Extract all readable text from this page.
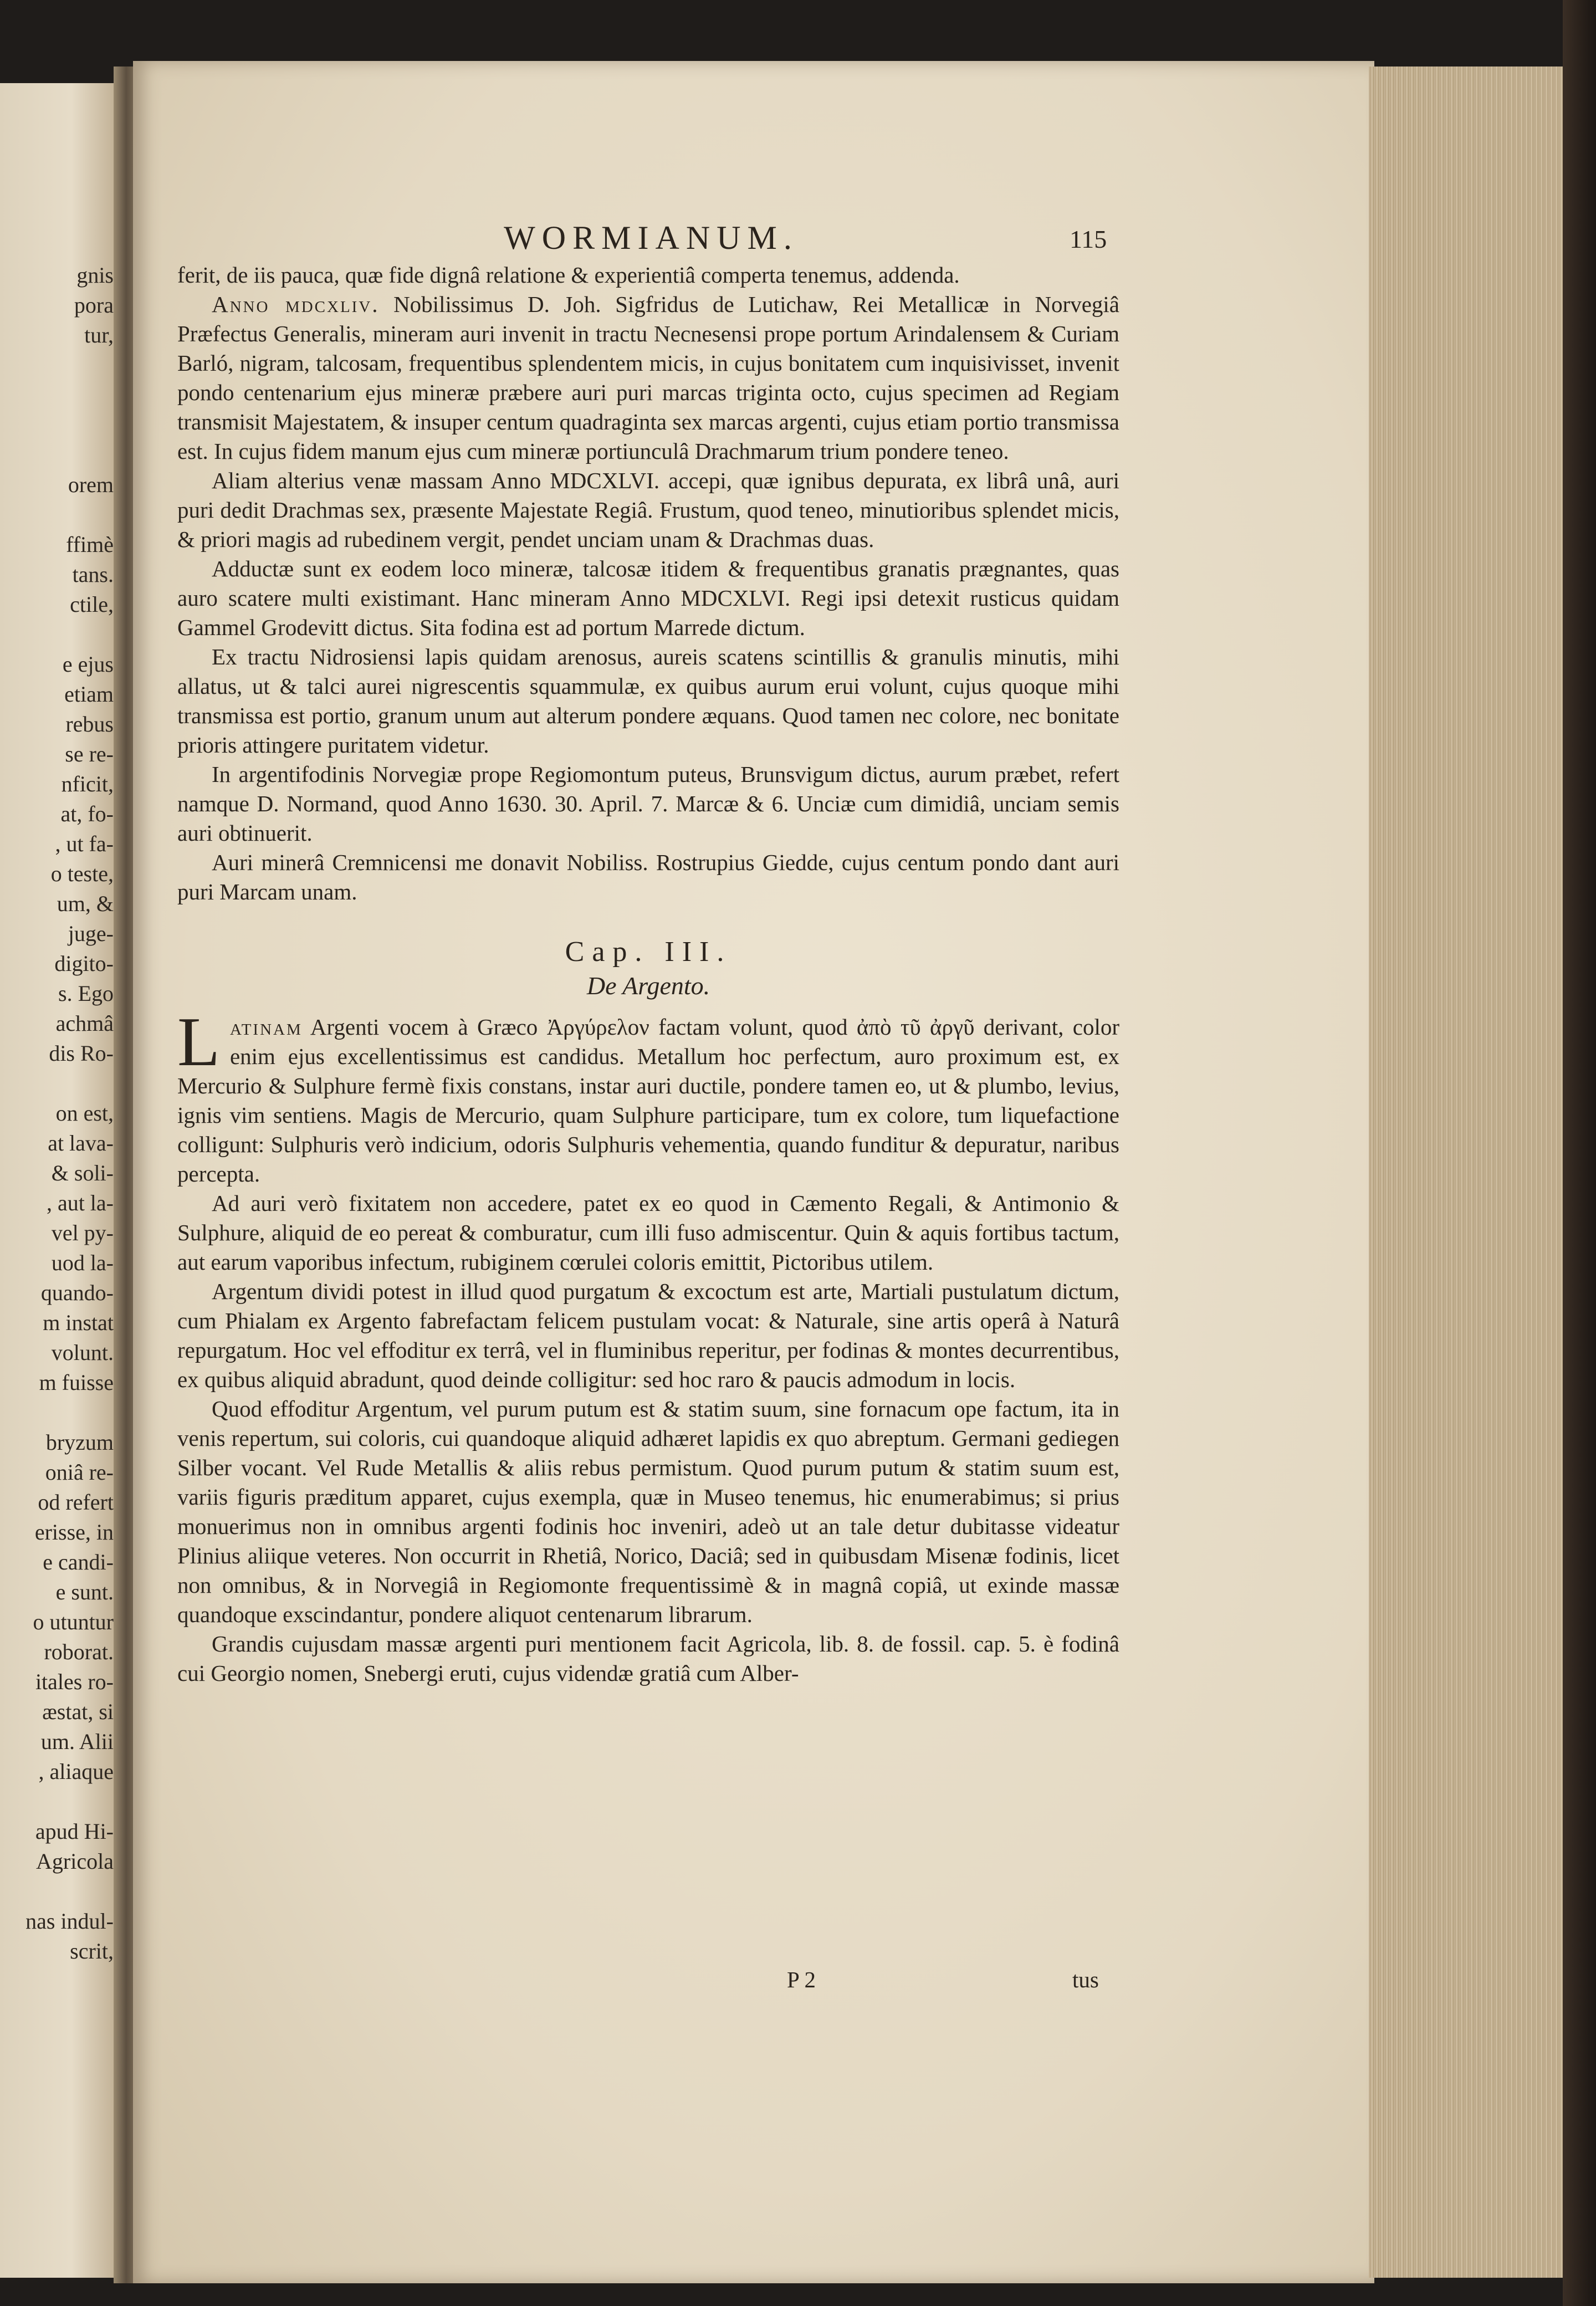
gnis
pora
tur,
orem
ffimè
tans.
ctile,
e ejus
etiam
rebus
se re-
nficit,
at, fo-
, ut fa-
o teste,
um, &
juge-
digito-
s. Ego
achmâ
dis Ro-
on est,
at lava-
& soli-
, aut la-
vel py-
uod la-
quando-
m instat
volunt.
m fuisse
bryzum
oniâ re-
od refert
erisse, in
e candi-
e sunt.
o utuntur
roborat.
itales ro-
æstat, si
um. Alii
, aliaque
apud Hi-
Agricola
nas indul-
scrit,
WORMIANUM.	115

ferit, de iis pauca, quæ fide dignâ relatione & experientiâ comperta tenemus, addenda.

Anno mdcxliv. Nobilissimus D. Joh. Sigfridus de Lutichaw, Rei Metallicæ in Norvegiâ Præfectus Generalis, mineram auri invenit in tractu Necnesensi prope portum Arindalensem & Curiam Barló, nigram, talcosam, frequentibus splendentem micis, in cujus bonitatem cum inquisivisset, invenit pondo centenarium ejus mineræ præbere auri puri marcas triginta octo, cujus specimen ad Regiam transmisit Majestatem, & insuper centum quadraginta sex marcas argenti, cujus etiam portio transmissa est. In cujus fidem manum ejus cum mineræ portiunculâ Drachmarum trium pondere teneo.

Aliam alterius venæ massam Anno MDCXLVI. accepi, quæ ignibus depurata, ex librâ unâ, auri puri dedit Drachmas sex, præsente Majestate Regiâ. Frustum, quod teneo, minutioribus splendet micis, & priori magis ad rubedinem vergit, pendet unciam unam & Drachmas duas.

Adductæ sunt ex eodem loco mineræ, talcosæ itidem & frequentibus granatis prægnantes, quas auro scatere multi existimant. Hanc mineram Anno MDCXLVI. Regi ipsi detexit rusticus quidam Gammel Grodevitt dictus. Sita fodina est ad portum Marrede dictum.

Ex tractu Nidrosiensi lapis quidam arenosus, aureis scatens scintillis & granulis minutis, mihi allatus, ut & talci aurei nigrescentis squammulæ, ex quibus aurum erui volunt, cujus quoque mihi transmissa est portio, granum unum aut alterum pondere æquans. Quod tamen nec colore, nec bonitate prioris attingere puritatem videtur.

In argentifodinis Norvegiæ prope Regiomontum puteus, Brunsvigum dictus, aurum præbet, refert namque D. Normand, quod Anno 1630. 30. April. 7. Marcæ & 6. Unciæ cum dimidiâ, unciam semis auri obtinuerit.

Auri minerâ Cremnicensi me donavit Nobiliss. Rostrupius Giedde, cujus centum pondo dant auri puri Marcam unam.

Cap. III.
De Argento.

Latinam Argenti vocem à Græco Ἀργύρελον factam volunt, quod ἀπὸ τῦ ἀργῦ derivant, color enim ejus excellentissimus est candidus. Metallum hoc perfectum, auro proximum est, ex Mercurio & Sulphure fermè fixis constans, instar auri ductile, pondere tamen eo, ut & plumbo, levius, ignis vim sentiens. Magis de Mercurio, quam Sulphure participare, tum ex colore, tum liquefactione colligunt: Sulphuris verò indicium, odoris Sulphuris vehementia, quando funditur & depuratur, naribus percepta.

Ad auri verò fixitatem non accedere, patet ex eo quod in Cæmento Regali, & Antimonio & Sulphure, aliquid de eo pereat & comburatur, cum illi fuso admiscentur. Quin & aquis fortibus tactum, aut earum vaporibus infectum, rubiginem cœrulei coloris emittit, Pictoribus utilem.

Argentum dividi potest in illud quod purgatum & excoctum est arte, Martiali pustulatum dictum, cum Phialam ex Argento fabrefactam felicem pustulam vocat: & Naturale, sine artis operâ à Naturâ repurgatum. Hoc vel effoditur ex terrâ, vel in fluminibus reperitur, per fodinas & montes decurrentibus, ex quibus aliquid abradunt, quod deinde colligitur: sed hoc raro & paucis admodum in locis.

Quod effoditur Argentum, vel purum putum est & statim suum, sine fornacum ope factum, ita in venis repertum, sui coloris, cui quandoque aliquid adhæret lapidis ex quo abreptum. Germani gediegen Silber vocant. Vel Rude Metallis & aliis rebus permistum. Quod purum putum & statim suum est, variis figuris præditum apparet, cujus exempla, quæ in Museo tenemus, hic enumerabimus; si prius monuerimus non in omnibus argenti fodinis hoc inveniri, adeò ut an tale detur dubitasse videatur Plinius aliique veteres. Non occurrit in Rhetiâ, Norico, Daciâ; sed in quibusdam Misenæ fodinis, licet non omnibus, & in Norvegiâ in Regiomonte frequentissimè & in magnâ copiâ, ut exinde massæ quandoque exscindantur, pondere aliquot centenarum librarum.

Grandis cujusdam massæ argenti puri mentionem facit Agricola, lib. 8. de fossil. cap. 5. è fodinâ cui Georgio nomen, Snebergi eruti, cujus videndæ gratiâ cum Alber-

P 2	tus
